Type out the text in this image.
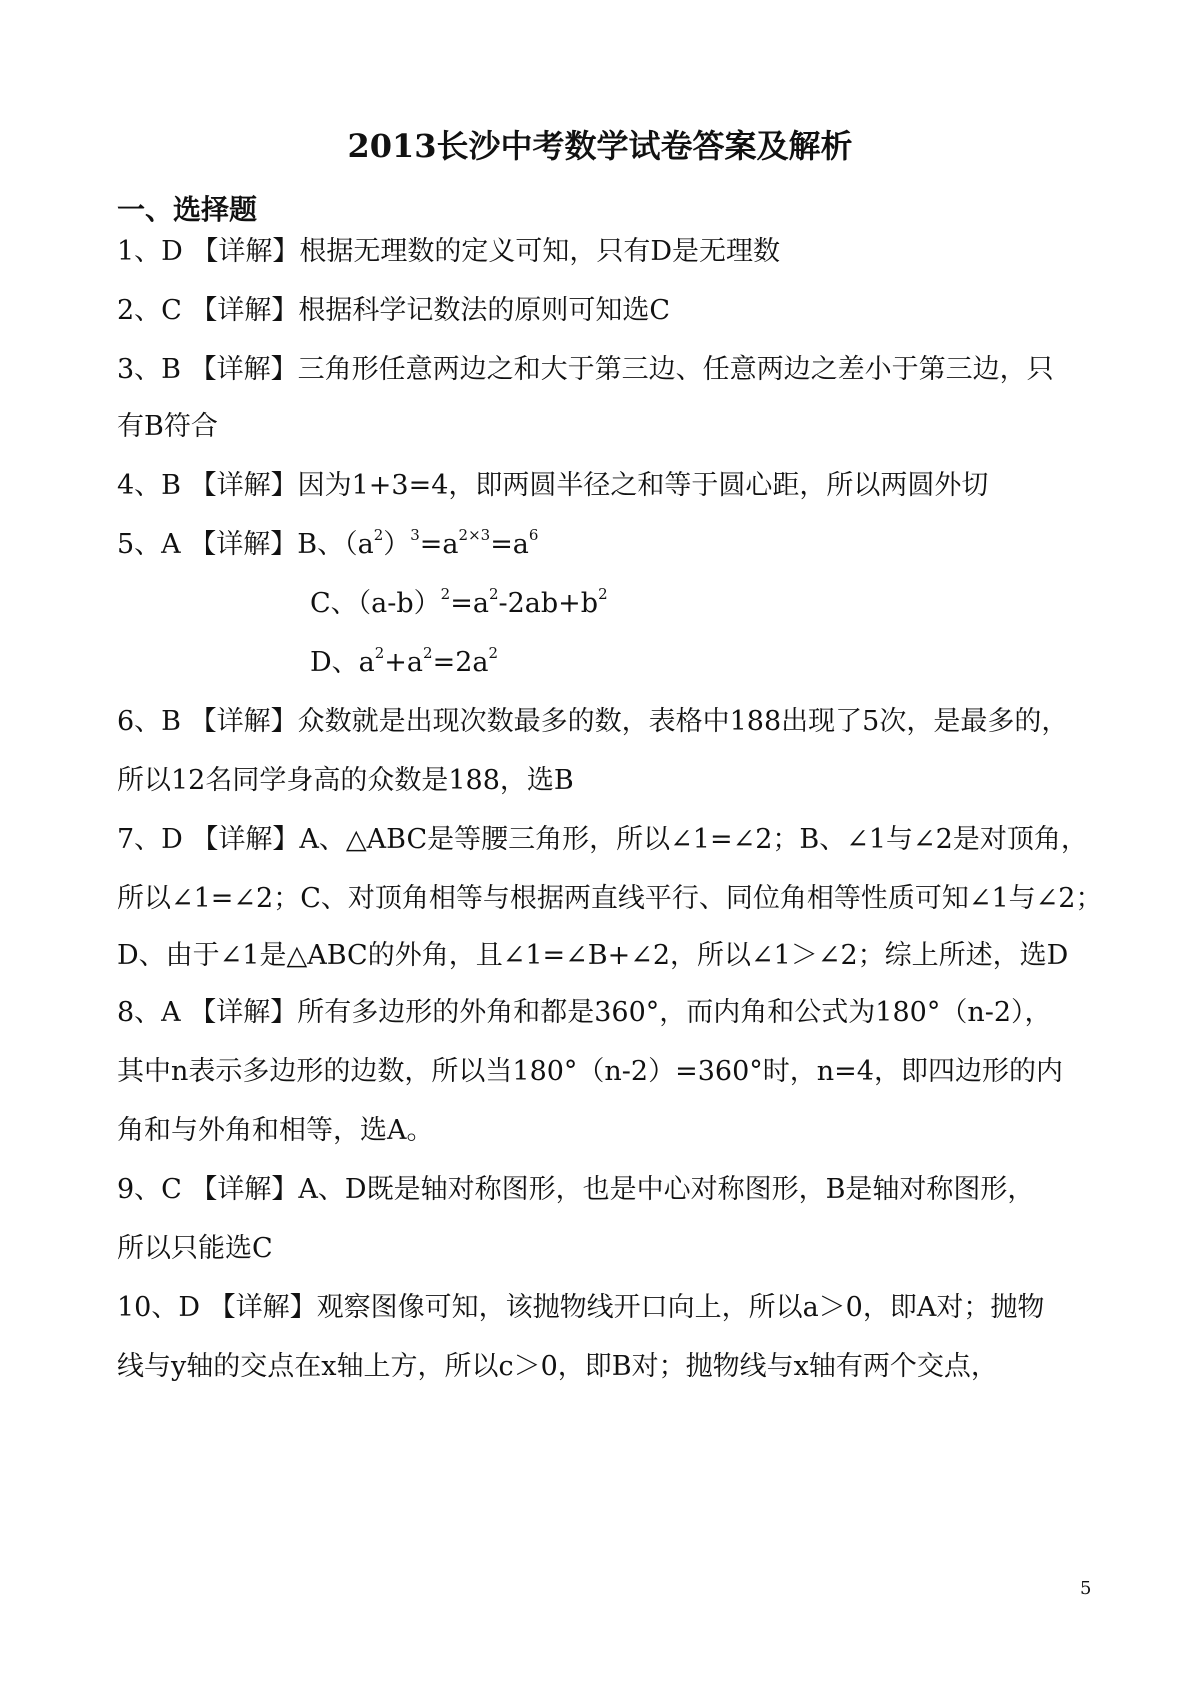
2013长沙中考数学试卷答案及解析
一、选择题
1、D 【详解】根据无理数的定义可知，只有D是无理数
2、C 【详解】根据科学记数法的原则可知选C
3、B 【详解】三角形任意两边之和大于第三边、任意两边之差小于第三边，只
有B符合
4、B 【详解】因为1+3=4，即两圆半径之和等于圆心距，所以两圆外切
5、A 【详解】B、$(a^2)^3=a^{2\times 3}=a^6$
C、$(a-b)^2=a^2-2ab+b^2$
D、$a^2+a^2=2a^2$
6、B 【详解】众数就是出现次数最多的数，表格中188出现了5次，是最多的，
所以12名同学身高的众数是188，选B
7、D 【详解】A、△ABC是等腰三角形，所以∠1=∠2；B、∠1与∠2是对顶角，
所以∠1=∠2；C、对顶角相等与根据两直线平行、同位角相等性质可知∠1与∠2；
D、由于∠1是△ABC的外角，且∠1=∠B+∠2，所以∠1＞∠2；综上所述，选D
8、A 【详解】所有多边形的外角和都是360°，而内角和公式为180°（n-2），
其中n表示多边形的边数，所以当180°（n-2）=360°时，n=4，即四边形的内
角和与外角和相等，选A。
9、C 【详解】A、D既是轴对称图形，也是中心对称图形，B是轴对称图形，
所以只能选C
10、D 【详解】观察图像可知，该抛物线开口向上，所以a＞0，即A对；抛物
线与y轴的交点在x轴上方，所以c＞0，即B对；抛物线与x轴有两个交点，
5
